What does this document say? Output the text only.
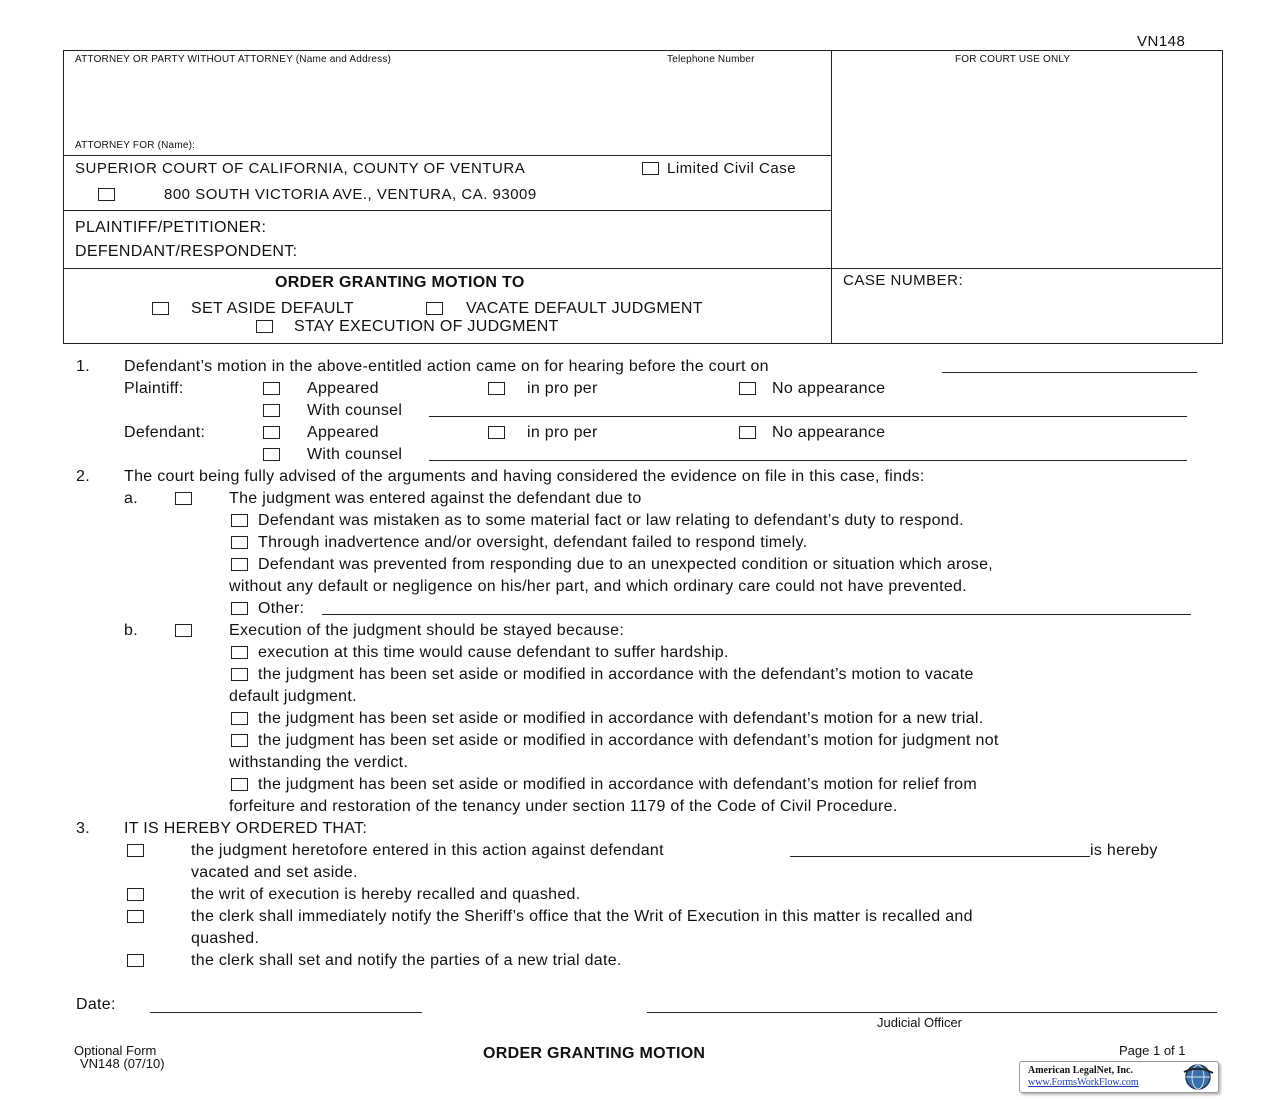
VN148
ATTORNEY OR PARTY WITHOUT ATTORNEY (Name and Address)	Telephone Number	FOR COURT USE ONLY
ATTORNEY FOR (Name):
SUPERIOR COURT OF CALIFORNIA, COUNTY OF VENTURA	Limited Civil Case
800 SOUTH VICTORIA AVE., VENTURA, CA. 93009
PLAINTIFF/PETITIONER:
DEFENDANT/RESPONDENT:
ORDER GRANTING MOTION TO
SET ASIDE DEFAULT	VACATE DEFAULT JUDGMENT
STAY EXECUTION OF JUDGMENT
CASE NUMBER:
1. Defendant’s motion in the above-entitled action came on for hearing before the court on
Plaintiff:	Appeared	in pro per	No appearance
With counsel
Defendant:	Appeared	in pro per	No appearance
With counsel
2. The court being fully advised of the arguments and having considered the evidence on file in this case, finds:
a.	The judgment was entered against the defendant due to
Defendant was mistaken as to some material fact or law relating to defendant’s duty to respond.
Through inadvertence and/or oversight, defendant failed to respond timely.
Defendant was prevented from responding due to an unexpected condition or situation which arose,
without any default or negligence on his/her part, and which ordinary care could not have prevented.
Other:
b.	Execution of the judgment should be stayed because:
execution at this time would cause defendant to suffer hardship.
the judgment has been set aside or modified in accordance with the defendant’s motion to vacate
default judgment.
the judgment has been set aside or modified in accordance with defendant’s motion for a new trial.
the judgment has been set aside or modified in accordance with defendant’s motion for judgment not
withstanding the verdict.
the judgment has been set aside or modified in accordance with defendant’s motion for relief from
forfeiture and restoration of the tenancy under section 1179 of the Code of Civil Procedure.
3. IT IS HEREBY ORDERED THAT:
the judgment heretofore entered in this action against defendant	is hereby
vacated and set aside.
the writ of execution is hereby recalled and quashed.
the clerk shall immediately notify the Sheriff’s office that the Writ of Execution in this matter is recalled and
quashed.
the clerk shall set and notify the parties of a new trial date.
Date:
Judicial Officer
Optional Form
VN148 (07/10)
ORDER GRANTING MOTION	Page 1 of 1
American LegalNet, Inc.
www.FormsWorkFlow.com
